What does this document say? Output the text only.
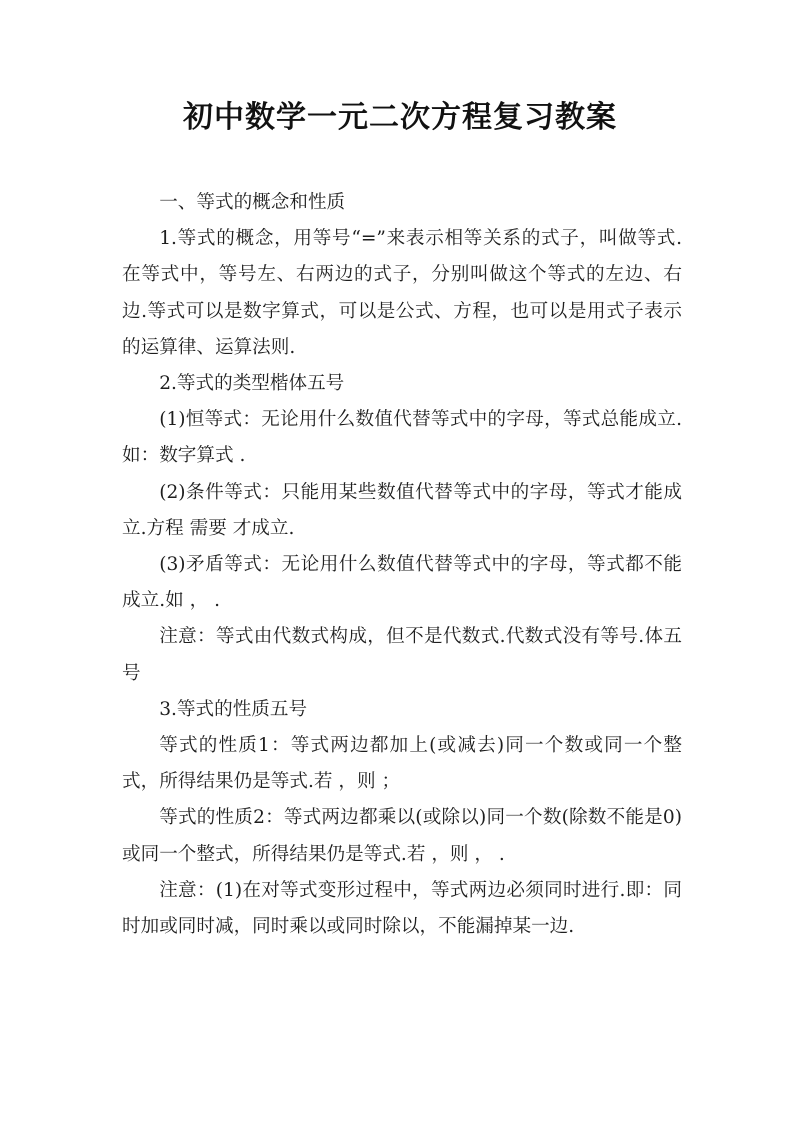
初中数学一元二次方程复习教案

一、等式的概念和性质

1.等式的概念，用等号“=”来表示相等关系的式子，叫做等式. 在等式中，等号左、右两边的式子，分别叫做这个等式的左边、右边.等式可以是数字算式，可以是公式、方程，也可以是用式子表示的运算律、运算法则.

2.等式的类型楷体五号

(1)恒等式：无论用什么数值代替等式中的字母，等式总能成立.如：数字算式 .

(2)条件等式：只能用某些数值代替等式中的字母，等式才能成立.方程 需要 才成立.

(3)矛盾等式：无论用什么数值代替等式中的字母，等式都不能成立.如 ， .

注意：等式由代数式构成，但不是代数式.代数式没有等号.体五号

3.等式的性质五号

等式的性质1：等式两边都加上(或减去)同一个数或同一个整式，所得结果仍是等式.若 ，则 ；

等式的性质2：等式两边都乘以(或除以)同一个数(除数不能是0)或同一个整式，所得结果仍是等式.若 ，则 ， .

注意：(1)在对等式变形过程中，等式两边必须同时进行.即：同时加或同时减，同时乘以或同时除以，不能漏掉某一边.
